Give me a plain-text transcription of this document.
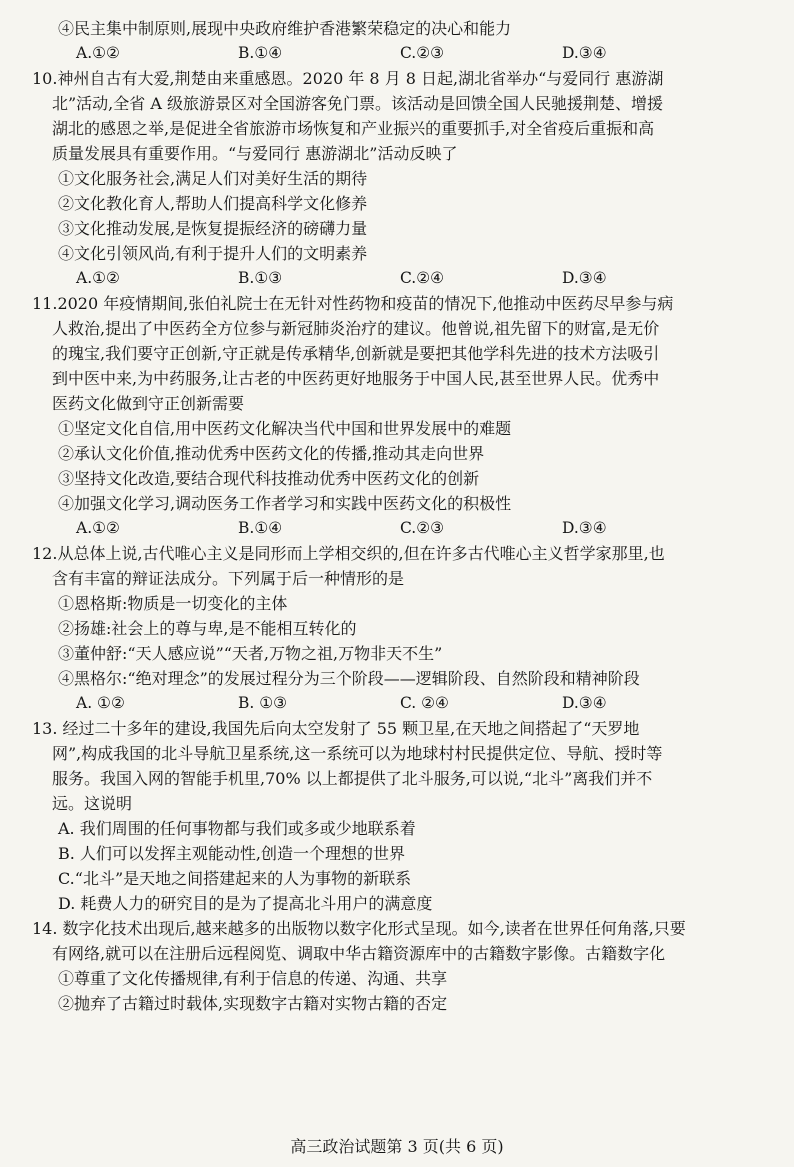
④民主集中制原则,展现中央政府维护香港繁荣稳定的决心和能力
A.①②	B.①④	C.②③	D.③④
10.神州自古有大爱,荆楚由来重感恩。2020 年 8 月 8 日起,湖北省举办“与爱同行 惠游湖
北”活动,全省 A 级旅游景区对全国游客免门票。该活动是回馈全国人民驰援荆楚、增援
湖北的感恩之举,是促进全省旅游市场恢复和产业振兴的重要抓手,对全省疫后重振和高
质量发展具有重要作用。“与爱同行 惠游湖北”活动反映了
①文化服务社会,满足人们对美好生活的期待
②文化教化育人,帮助人们提高科学文化修养
③文化推动发展,是恢复提振经济的磅礴力量
④文化引领风尚,有利于提升人们的文明素养
A.①②	B.①③	C.②④	D.③④
11.2020 年疫情期间,张伯礼院士在无针对性药物和疫苗的情况下,他推动中医药尽早参与病
人救治,提出了中医药全方位参与新冠肺炎治疗的建议。他曾说,祖先留下的财富,是无价
的瑰宝,我们要守正创新,守正就是传承精华,创新就是要把其他学科先进的技术方法吸引
到中医中来,为中药服务,让古老的中医药更好地服务于中国人民,甚至世界人民。优秀中
医药文化做到守正创新需要
①坚定文化自信,用中医药文化解决当代中国和世界发展中的难题
②承认文化价值,推动优秀中医药文化的传播,推动其走向世界
③坚持文化改造,要结合现代科技推动优秀中医药文化的创新
④加强文化学习,调动医务工作者学习和实践中医药文化的积极性
A.①②	B.①④	C.②③	D.③④
12.从总体上说,古代唯心主义是同形而上学相交织的,但在许多古代唯心主义哲学家那里,也
含有丰富的辩证法成分。下列属于后一种情形的是
①恩格斯:物质是一切变化的主体
②扬雄:社会上的尊与卑,是不能相互转化的
③董仲舒:“天人感应说”“天者,万物之祖,万物非天不生”
④黑格尔:“绝对理念”的发展过程分为三个阶段——逻辑阶段、自然阶段和精神阶段
A. ①②	B. ①③	C. ②④	D.③④
13. 经过二十多年的建设,我国先后向太空发射了 55 颗卫星,在天地之间搭起了“天罗地
网”,构成我国的北斗导航卫星系统,这一系统可以为地球村村民提供定位、导航、授时等
服务。我国入网的智能手机里,70% 以上都提供了北斗服务,可以说,“北斗”离我们并不
远。这说明
A. 我们周围的任何事物都与我们或多或少地联系着
B. 人们可以发挥主观能动性,创造一个理想的世界
C.“北斗”是天地之间搭建起来的人为事物的新联系
D. 耗费人力的研究目的是为了提高北斗用户的满意度
14. 数字化技术出现后,越来越多的出版物以数字化形式呈现。如今,读者在世界任何角落,只要
有网络,就可以在注册后远程阅览、调取中华古籍资源库中的古籍数字影像。古籍数字化
①尊重了文化传播规律,有利于信息的传递、沟通、共享
②抛弃了古籍过时载体,实现数字古籍对实物古籍的否定
高三政治试题第 3 页(共 6 页)
